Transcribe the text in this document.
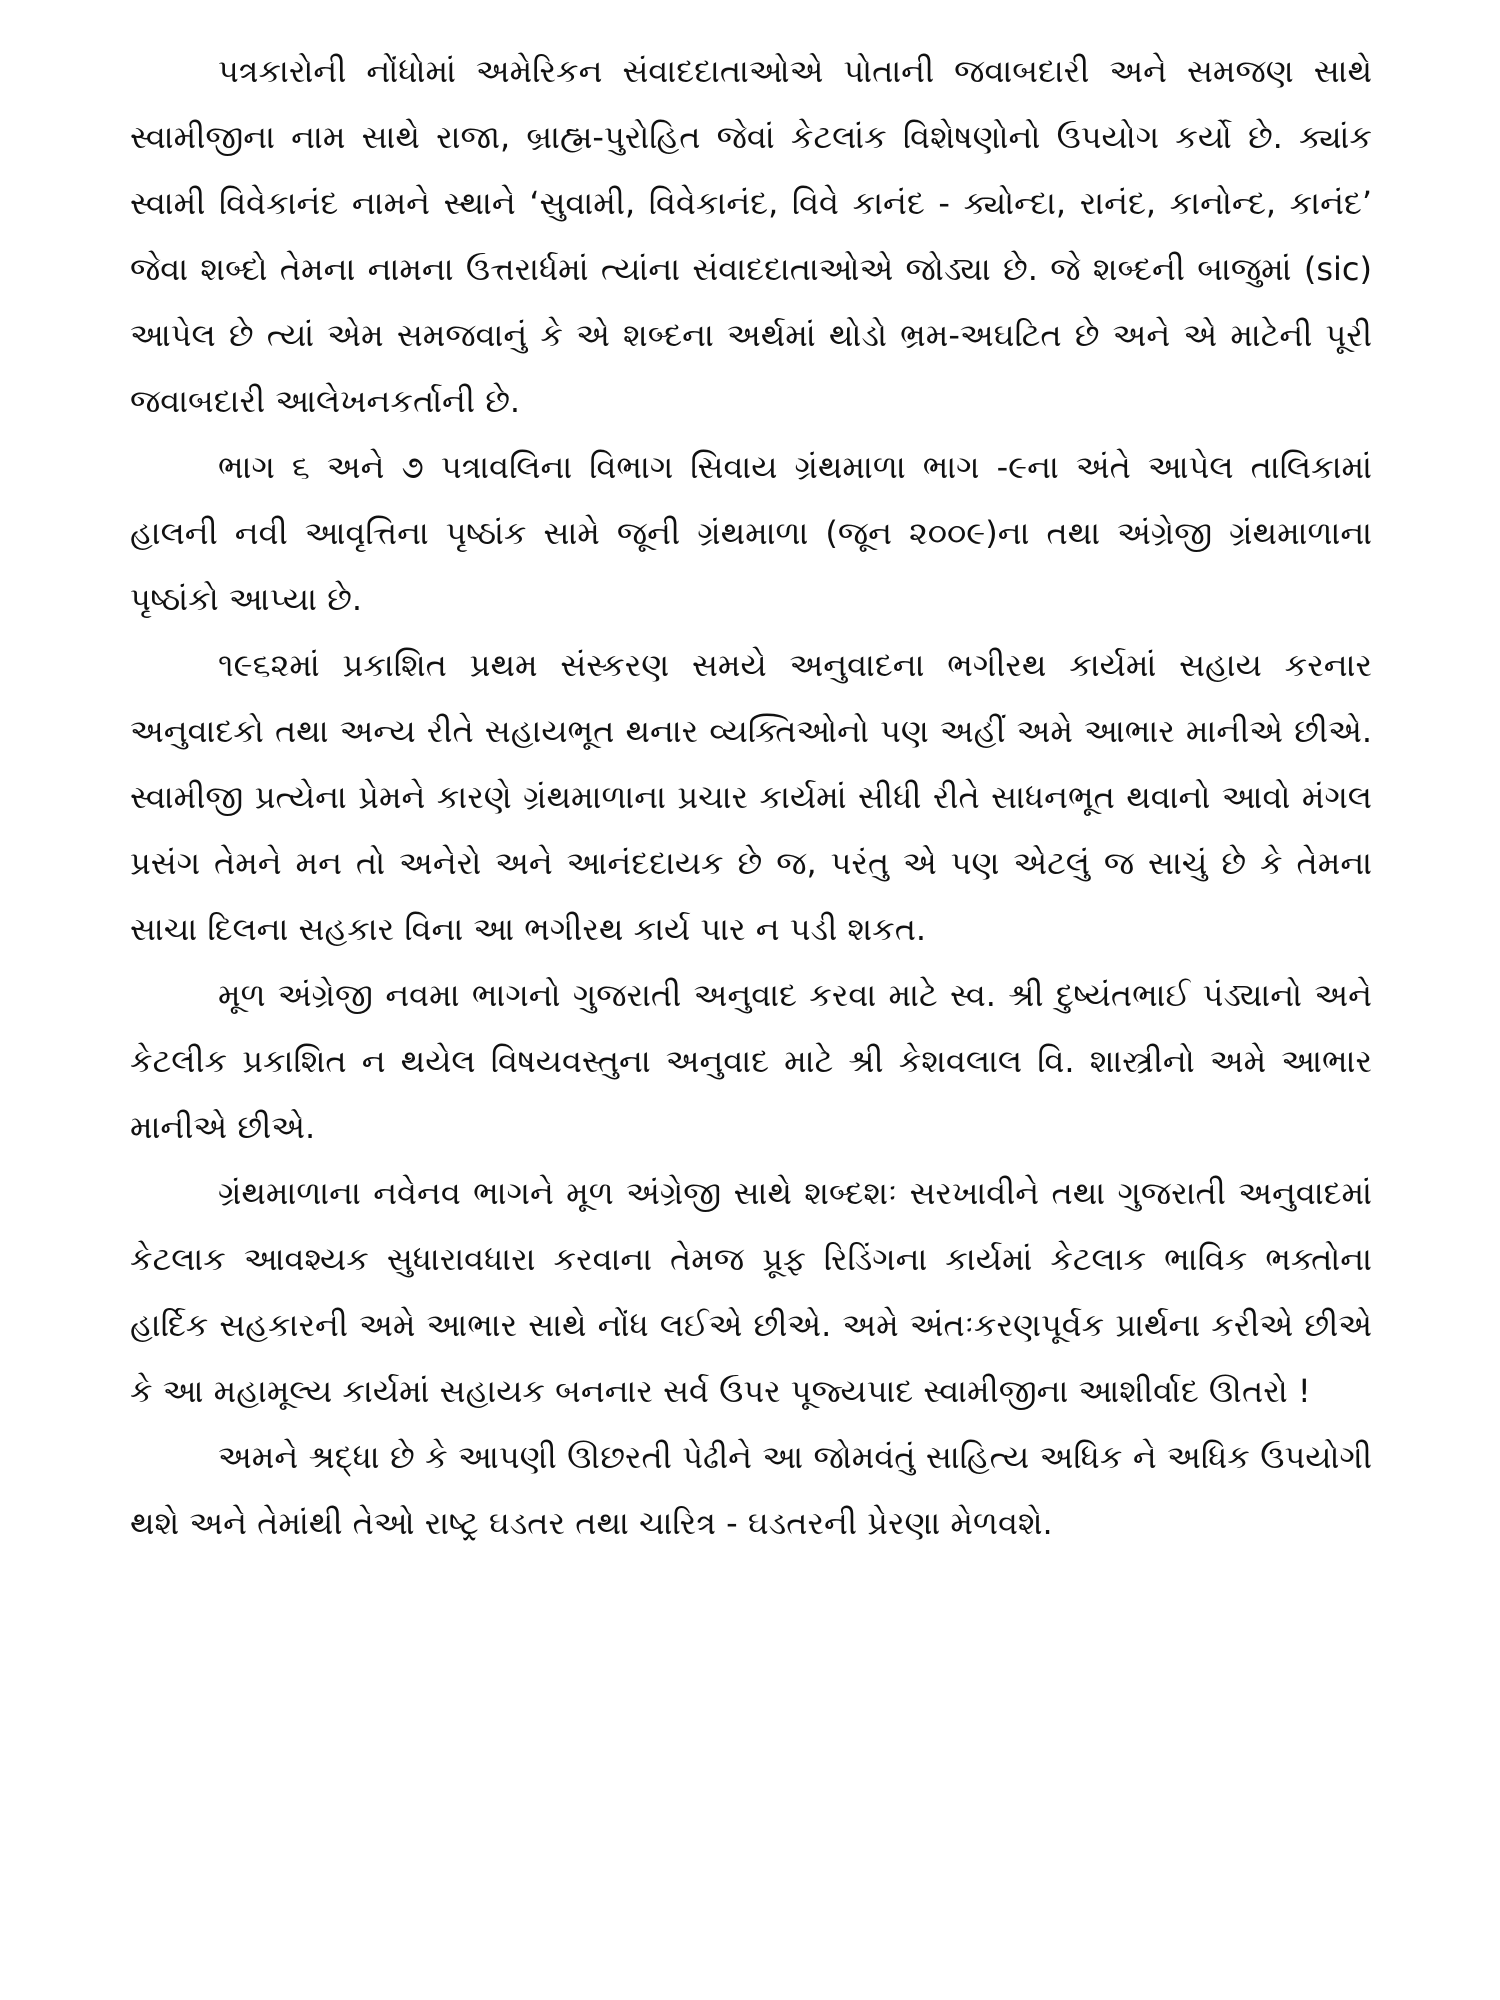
પત્રકારોની નોંધોમાં અમેરિકન સંવાદદાતાઓએ પોતાની જવાબદારી અને સમજણ સાથે સ્વામીજીના નામ સાથે રાજા, બ્રાહ્મ-પુરોહિત જેવાં કેટલાંક વિશેષણોનો ઉપયોગ કર્યો છે. ક્યાંક સ્વામી વિવેકાનંદ નામને સ્થાને ‘સુવામી, વિવેકાનંદ, વિવે કાનંદ - ક્યોન્દા, રાનંદ, કાનોન્દ, કાનંદ’ જેવા શબ્દો તેમના નામના ઉત્તરાર્ધમાં ત્યાંના સંવાદદાતાઓએ જોડ્યા છે. જે શબ્દની બાજુમાં (sic) આપેલ છે ત્યાં એમ સમજવાનું કે એ શબ્દના અર્થમાં થોડો ભ્રમ-અઘટિત છે અને એ માટેની પૂરી જવાબદારી આલેખનકર્તાની છે.

ભાગ ૬ અને ૭ પત્રાવલિના વિભાગ સિવાય ગ્રંથમાળા ભાગ -૯ના અંતે આપેલ તાલિકામાં હાલની નવી આવૃત્તિના પૃષ્ઠાંક સામે જૂની ગ્રંથમાળા (જૂન ૨૦૦૯)ના તથા અંગ્રેજી ગ્રંથમાળાના પૃષ્ઠાંકો આપ્યા છે.

૧૯૬૨માં પ્રકાશિત પ્રથમ સંસ્કરણ સમયે અનુવાદના ભગીરથ કાર્યમાં સહાય કરનાર અનુવાદકો તથા અન્ય રીતે સહાયભૂત થનાર વ્યક્તિઓનો પણ અહીં અમે આભાર માનીએ છીએ. સ્વામીજી પ્રત્યેના પ્રેમને કારણે ગ્રંથમાળાના પ્રચાર કાર્યમાં સીધી રીતે સાધનભૂત થવાનો આવો મંગલ પ્રસંગ તેમને મન તો અનેરો અને આનંદદાયક છે જ, પરંતુ એ પણ એટલું જ સાચું છે કે તેમના સાચા દિલના સહકાર વિના આ ભગીરથ કાર્ય પાર ન પડી શકત.

મૂળ અંગ્રેજી નવમા ભાગનો ગુજરાતી અનુવાદ કરવા માટે સ્વ. શ્રી દુષ્યંતભાઈ પંડ્યાનો અને કેટલીક પ્રકાશિત ન થયેલ વિષયવસ્તુના અનુવાદ માટે શ્રી કેશવલાલ વિ. શાસ્ત્રીનો અમે આભાર માનીએ છીએ.

ગ્રંથમાળાના નવેનવ ભાગને મૂળ અંગ્રેજી સાથે શબ્દશઃ સરખાવીને તથા ગુજરાતી અનુવાદમાં કેટલાક આવશ્યક સુધારાવધારા કરવાના તેમજ પ્રૂફ રિડિંગના કાર્યમાં કેટલાક ભાવિક ભક્તોના હાર્દિક સહકારની અમે આભાર સાથે નોંધ લઈએ છીએ. અમે અંતઃકરણપૂર્વક પ્રાર્થના કરીએ છીએ કે આ મહામૂલ્ય કાર્યમાં સહાયક બનનાર સર્વ ઉપર પૂજ્યપાદ સ્વામીજીના આશીર્વાદ ઊતરો !

અમને શ્રદ્ધા છે કે આપણી ઊછરતી પેઢીને આ જોમવંતું સાહિત્ય અધિક ને અધિક ઉપયોગી થશે અને તેમાંથી તેઓ રાષ્ટ્ર ઘડતર તથા ચારિત્ર - ઘડતરની પ્રેરણા મેળવશે.
